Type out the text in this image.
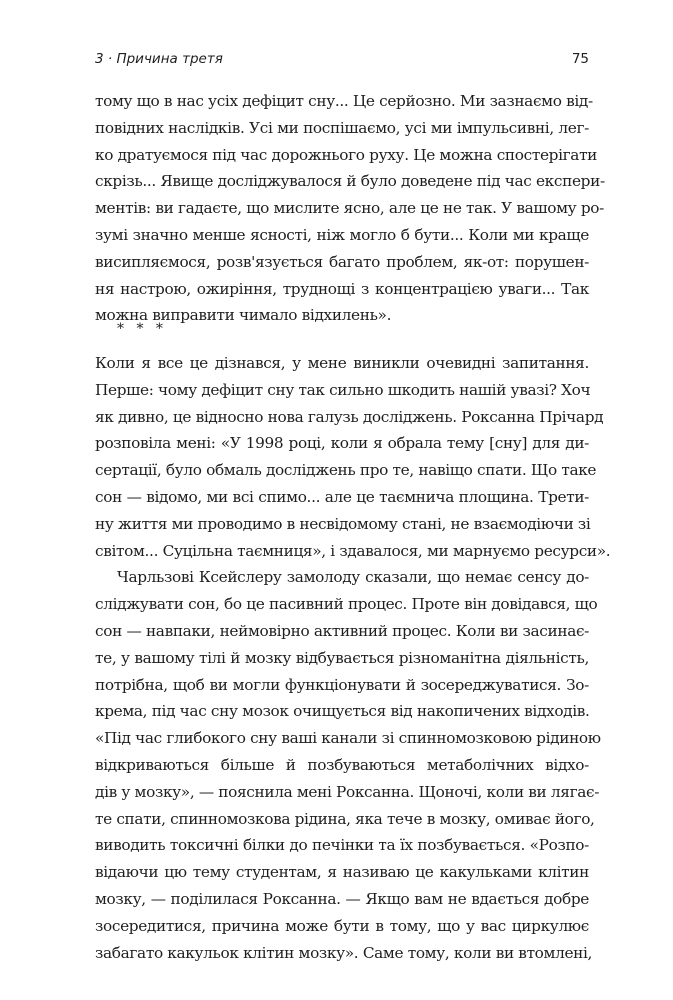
3 · Причина третя	75
тому що в нас усіх дефіцит сну... Це серйозно. Ми зазнаємо від-
повідних наслідків. Усі ми поспішаємо, усі ми імпульсивні, лег-
ко дратуємося під час дорожнього руху. Це можна спостерігати
скрізь... Явище досліджувалося й було доведене під час експери-
ментів: ви гадаєте, що мислите ясно, але це не так. У вашому ро-
зумі значно менше ясності, ніж могло б бути... Коли ми краще
висипляємося, розв'язується багато проблем, як-от: порушен-
ня настрою, ожиріння, труднощі з концентрацією уваги... Так
можна виправити чимало відхилень».
* * *
Коли я все це дізнався, у мене виникли очевидні запитання.
Перше: чому дефіцит сну так сильно шкодить нашій увазі? Хоч
як дивно, це відносно нова галузь досліджень. Роксанна Прічард
розповіла мені: «У 1998 році, коли я обрала тему [сну] для ди-
сертації, було обмаль досліджень про те, навіщо спати. Що таке
сон — відомо, ми всі спимо... але це таємнича площина. Трети-
ну життя ми проводимо в несвідомому стані, не взаємодіючи зі
світом... Суцільна таємниця», і здавалося, ми марнуємо ресурси».
Чарльзові Ксейслеру замолоду сказали, що немає сенсу до-
сліджувати сон, бо це пасивний процес. Проте він довідався, що
сон — навпаки, неймовірно активний процес. Коли ви засинає-
те, у вашому тілі й мозку відбувається різноманітна діяльність,
потрібна, щоб ви могли функціонувати й зосереджуватися. Зо-
крема, під час сну мозок очищується від накопичених відходів.
«Під час глибокого сну ваші канали зі спинномозковою рідиною
відкриваються більше й позбуваються метаболічних відхо-
дів у мозку», — пояснила мені Роксанна. Щоночі, коли ви лягає-
те спати, спинномозкова рідина, яка тече в мозку, омиває його,
виводить токсичні білки до печінки та їх позбувається. «Розпо-
відаючи цю тему студентам, я називаю це какульками клітин
мозку, — поділилася Роксанна. — Якщо вам не вдається добре
зосередитися, причина може бути в тому, що у вас циркулює
забагато какульок клітин мозку». Саме тому, коли ви втомлені,
